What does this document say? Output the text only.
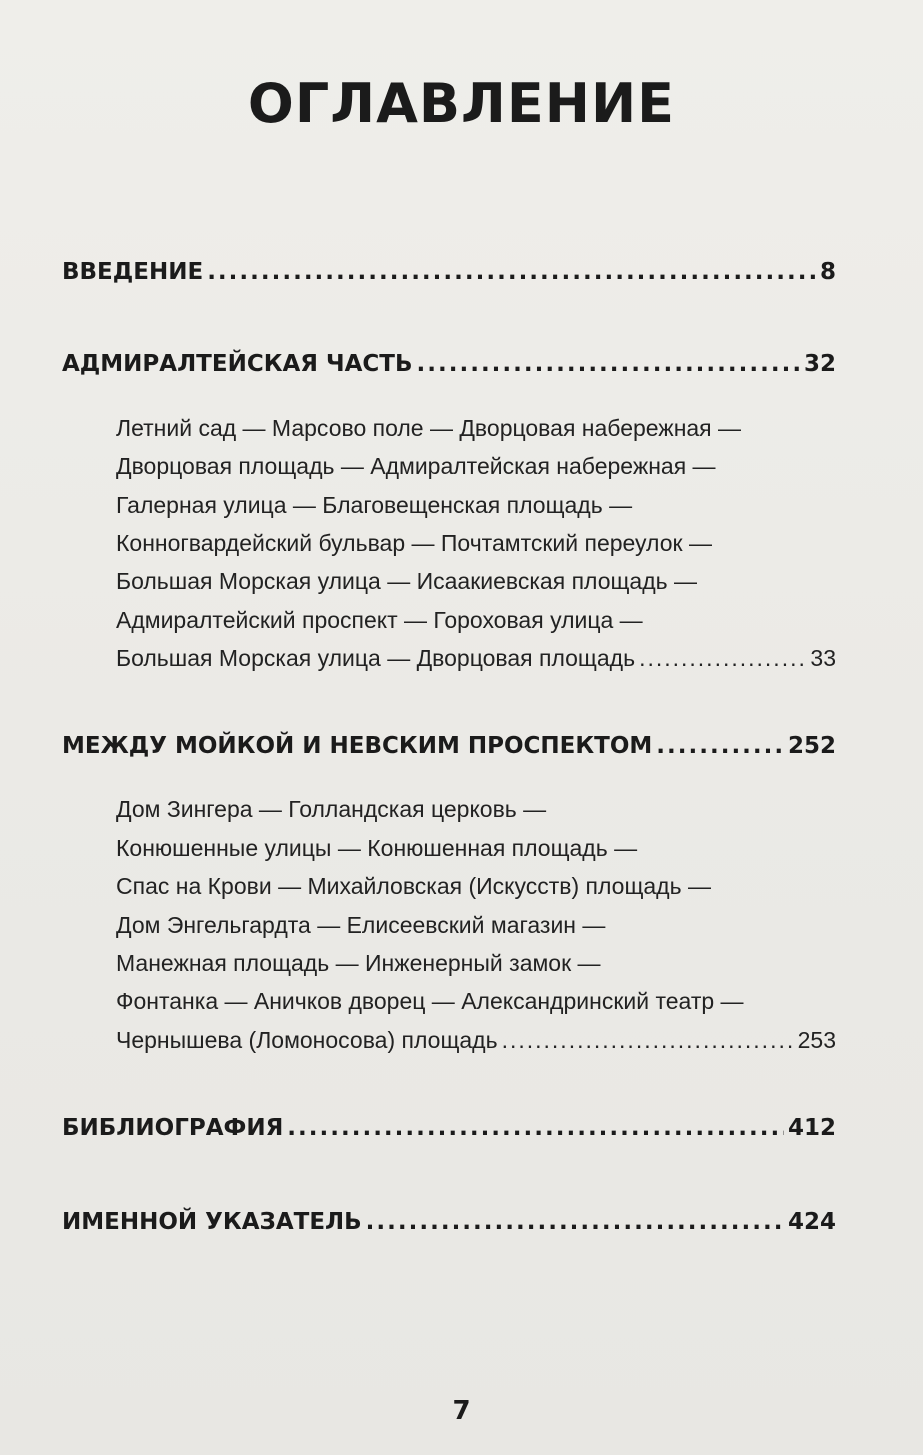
ОГЛАВЛЕНИЕ
ВВЕДЕНИЕ .....	8
АДМИРАЛТЕЙСКАЯ ЧАСТЬ .....	32
Летний сад — Марсово поле — Дворцовая набережная —
Дворцовая площадь — Адмиралтейская набережная —
Галерная улица — Благовещенская площадь —
Конногвардейский бульвар — Почтамтский переулок —
Большая Морская улица — Исаакиевская площадь —
Адмиралтейский проспект — Гороховая улица —
Большая Морская улица — Дворцовая площадь .....	33
МЕЖДУ МОЙКОЙ И НЕВСКИМ ПРОСПЕКТОМ .....	252
Дом Зингера — Голландская церковь —
Конюшенные улицы — Конюшенная площадь —
Спас на Крови — Михайловская (Искусств) площадь —
Дом Энгельгардта — Елисеевский магазин —
Манежная площадь — Инженерный замок —
Фонтанка — Аничков дворец — Александринский театр —
Чернышева (Ломоносова) площадь .....	253
БИБЛИОГРАФИЯ .....	412
ИМЕННОЙ УКАЗАТЕЛЬ .....	424
7
